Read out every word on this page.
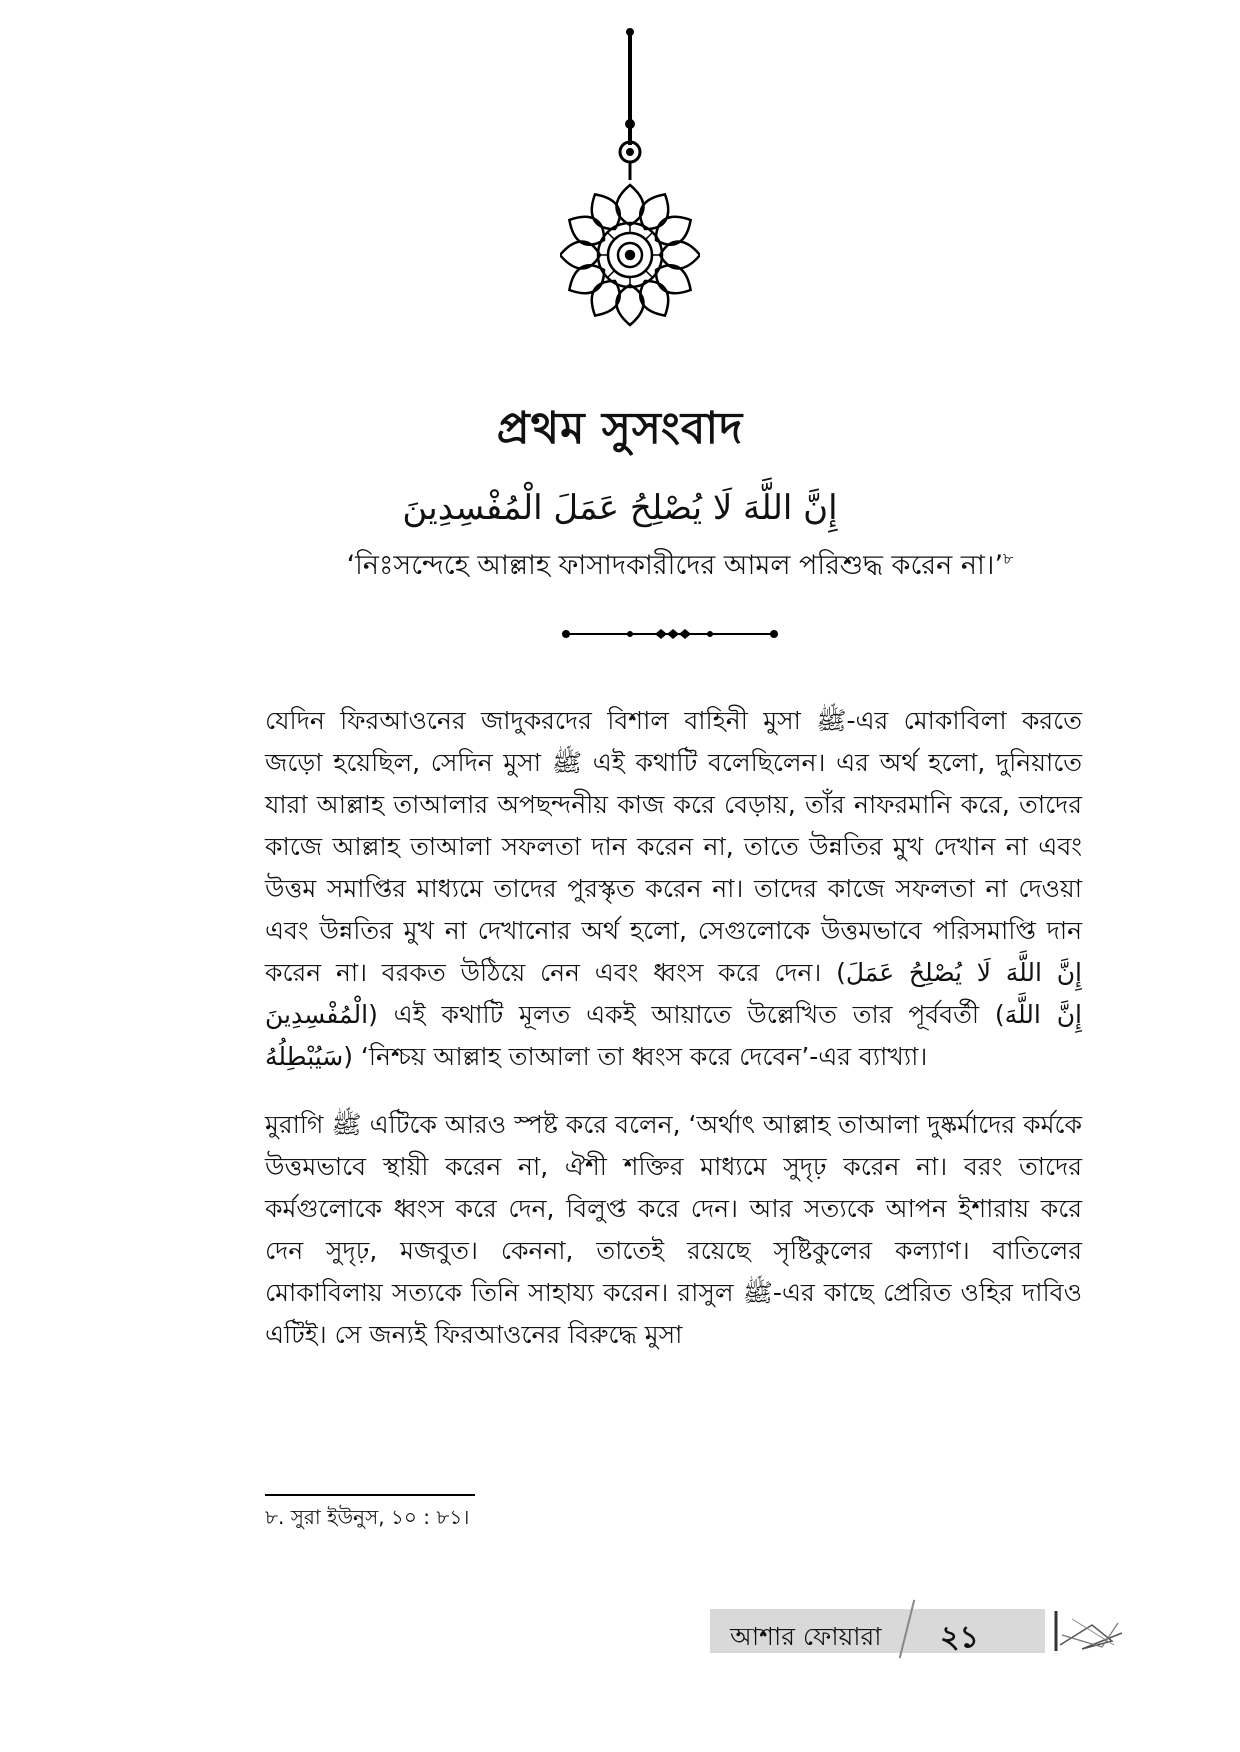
প্রথম সুসংবাদ
إِنَّ اللَّهَ لَا يُصْلِحُ عَمَلَ الْمُفْسِدِينَ
‘নিঃসন্দেহে আল্লাহ ফাসাদকারীদের আমল পরিশুদ্ধ করেন না।’$^৮$

যেদিন ফিরআওনের জাদুকরদের বিশাল বাহিনী মুসা ﷺ-এর মোকাবিলা করতে জড়ো হয়েছিল, সেদিন মুসা ﷺ এই কথাটি বলেছিলেন। এর অর্থ হলো, দুনিয়াতে যারা আল্লাহ তাআলার অপছন্দনীয় কাজ করে বেড়ায়, তাঁর নাফরমানি করে, তাদের কাজে আল্লাহ তাআলা সফলতা দান করেন না, তাতে উন্নতির মুখ দেখান না এবং উত্তম সমাপ্তির মাধ্যমে তাদের পুরস্কৃত করেন না। তাদের কাজে সফলতা না দেওয়া এবং উন্নতির মুখ না দেখানোর অর্থ হলো, সেগুলোকে উত্তমভাবে পরিসমাপ্তি দান করেন না। বরকত উঠিয়ে নেন এবং ধ্বংস করে দেন। (إِنَّ اللَّهَ لَا يُصْلِحُ عَمَلَ الْمُفْسِدِينَ) এই কথাটি মূলত একই আয়াতে উল্লেখিত তার পূর্ববর্তী (إِنَّ اللَّهَ سَيُبْطِلُهُ) ‘নিশ্চয় আল্লাহ তাআলা তা ধ্বংস করে দেবেন’-এর ব্যাখ্যা।

মুরাগি ﷺ এটিকে আরও স্পষ্ট করে বলেন, ‘অর্থাৎ আল্লাহ তাআলা দুষ্কর্মাদের কর্মকে উত্তমভাবে স্থায়ী করেন না, ঐশী শক্তির মাধ্যমে সুদৃঢ় করেন না। বরং তাদের কর্মগুলোকে ধ্বংস করে দেন, বিলুপ্ত করে দেন। আর সত্যকে আপন ইশারায় করে দেন সুদৃঢ়, মজবুত। কেননা, তাতেই রয়েছে সৃষ্টিকুলের কল্যাণ। বাতিলের মোকাবিলায় সত্যকে তিনি সাহায্য করেন। রাসুল ﷺ-এর কাছে প্রেরিত ওহির দাবিও এটিই। সে জন্যই ফিরআওনের বিরুদ্ধে মুসা

৮. সুরা ইউনুস, ১০ : ৮১।
আশার ফোয়ারা ২১
